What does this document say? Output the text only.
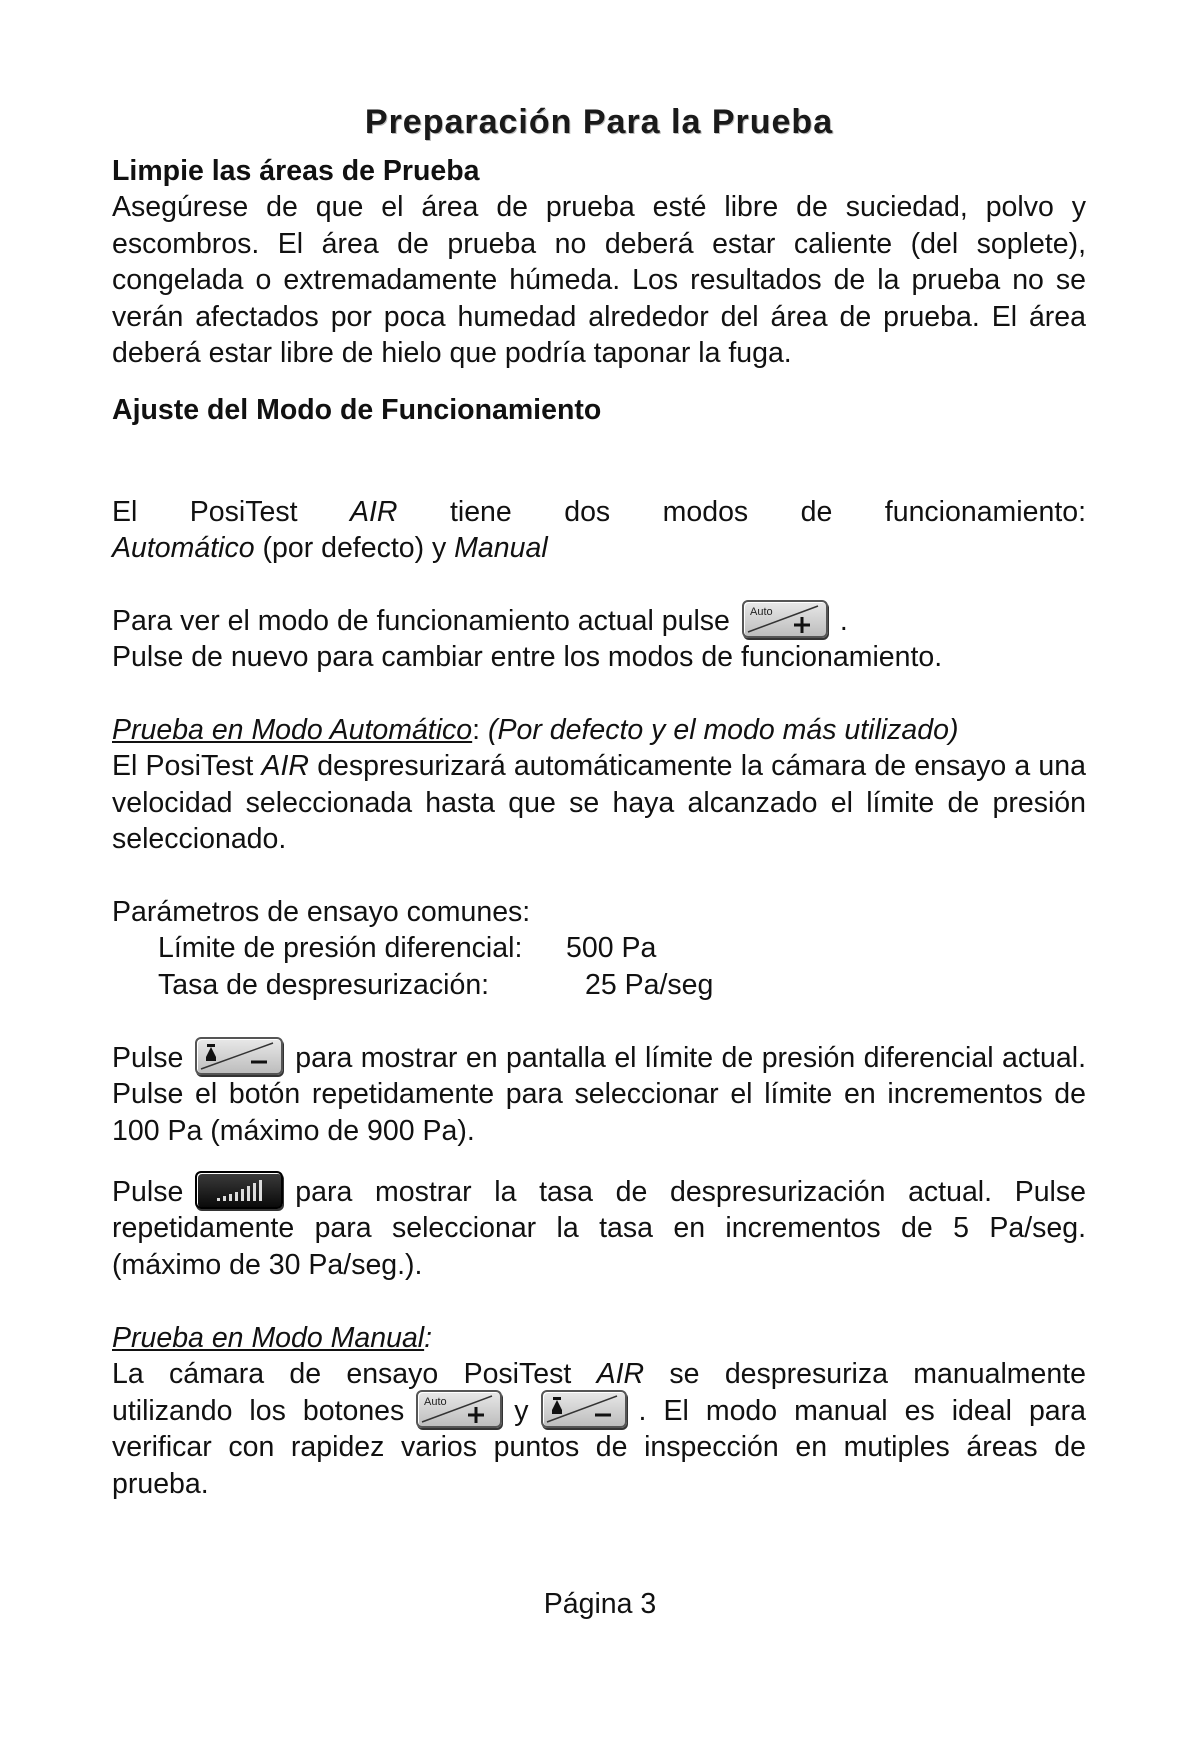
Preparación Para la Prueba
Limpie las áreas de Prueba
Asegúrese de que el área de prueba esté libre de suciedad, polvo y escombros. El área de prueba no deberá estar caliente (del soplete), congelada o extremadamente húmeda. Los resultados de la prueba no se verán afectados por poca humedad alrededor del área de prueba. El área deberá estar libre de hielo que podría taponar la fuga.
Ajuste del Modo de Funcionamiento
El PosiTest AIR tiene dos modos de funcionamiento:
Automático (por defecto) y Manual
Para ver el modo de funcionamiento actual pulse Auto .
Pulse de nuevo para cambiar entre los modos de funcionamiento.
Prueba en Modo Automático: (Por defecto y el modo más utilizado)
El PosiTest AIR despresurizará automáticamente la cámara de ensayo a una velocidad seleccionada hasta que se haya alcanzado el límite de presión seleccionado.
Parámetros de ensayo comunes:
Límite de presión diferencial:	500 Pa
Tasa de despresurización:	25 Pa/seg
Pulse	para mostrar en pantalla el límite de presión diferencial actual. Pulse el botón repetidamente para seleccionar el límite en incrementos de 100 Pa (máximo de 900 Pa).
Pulse	para mostrar la tasa de despresurización actual. Pulse repetidamente para seleccionar la tasa en incrementos de 5 Pa/seg. (máximo de 30 Pa/seg.).
Prueba en Modo Manual:
La cámara de ensayo PosiTest AIR se despresuriza manualmente
utilizando los botones Auto y	. El modo manual es ideal para
verificar con rapidez varios puntos de inspección en mutiples áreas de prueba.
Página 3
